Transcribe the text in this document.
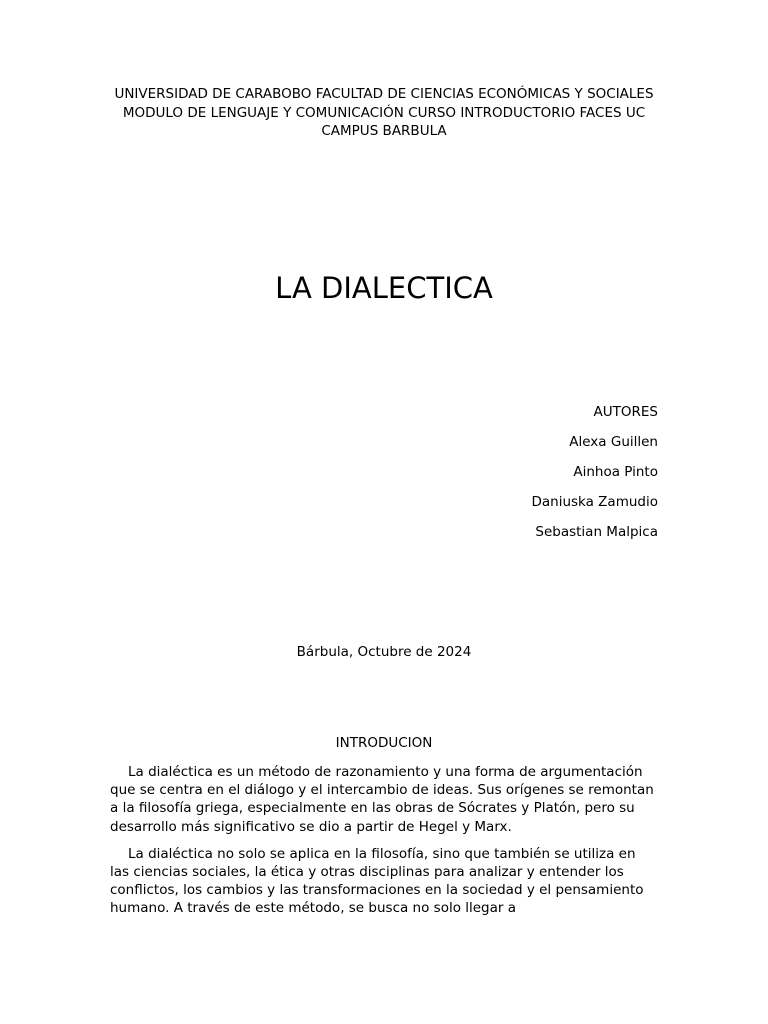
UNIVERSIDAD DE CARABOBO FACULTAD DE CIENCIAS ECONÓMICAS Y SOCIALES MODULO DE LENGUAJE Y COMUNICACIÓN CURSO INTRODUCTORIO FACES UC CAMPUS BARBULA
LA DIALECTICA
AUTORES
Alexa Guillen
Ainhoa Pinto
Daniuska Zamudio
Sebastian Malpica
Bárbula, Octubre de 2024
INTRODUCION

La dialéctica es un método de razonamiento y una forma de argumentación que se centra en el diálogo y el intercambio de ideas. Sus orígenes se remontan a la filosofía griega, especialmente en las obras de Sócrates y Platón, pero su desarrollo más significativo se dio a partir de Hegel y Marx.

La dialéctica no solo se aplica en la filosofía, sino que también se utiliza en las ciencias sociales, la ética y otras disciplinas para analizar y entender los conflictos, los cambios y las transformaciones en la sociedad y el pensamiento humano. A través de este método, se busca no solo llegar a
